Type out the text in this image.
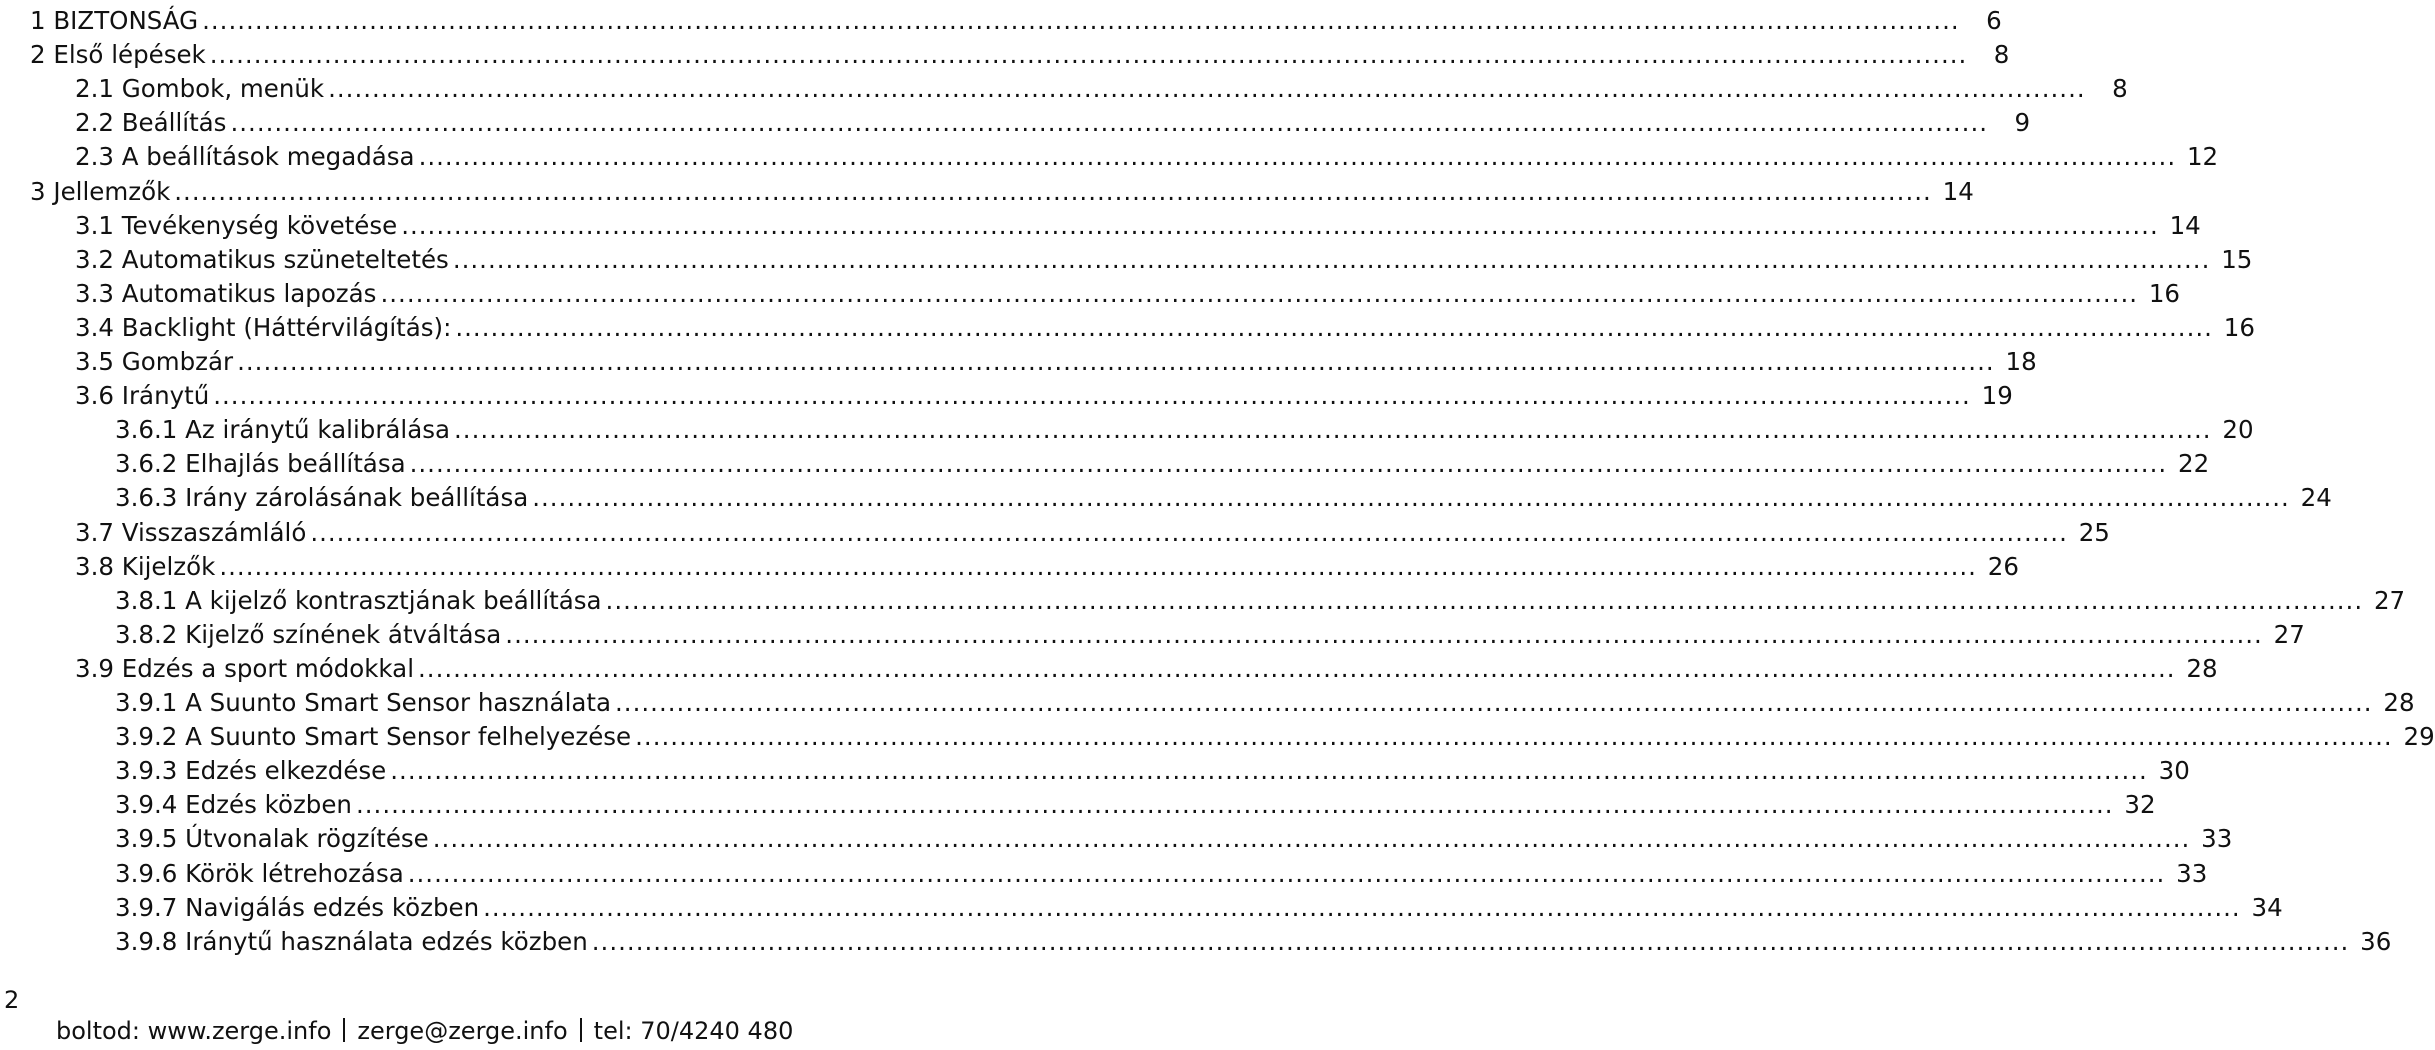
1 BIZTONSÁG ........................................................................................................................................................................................................	6
2 Első lépések ........................................................................................................................................................................................................	8
2.1 Gombok, menük ........................................................................................................................................................................................................	8
2.2 Beállítás ........................................................................................................................................................................................................	9
2.3 A beállítások megadása ........................................................................................................................................................................................................ 12
3 Jellemzők ........................................................................................................................................................................................................ 14
3.1 Tevékenység követése ........................................................................................................................................................................................................ 14
3.2 Automatikus szüneteltetés ........................................................................................................................................................................................................ 15
3.3 Automatikus lapozás ........................................................................................................................................................................................................ 16
3.4 Backlight (Háttérvilágítás): ........................................................................................................................................................................................................ 16
3.5 Gombzár ........................................................................................................................................................................................................ 18
3.6 Iránytű ........................................................................................................................................................................................................ 19
3.6.1 Az iránytű kalibrálása ........................................................................................................................................................................................................ 20
3.6.2 Elhajlás beállítása ........................................................................................................................................................................................................ 22
3.6.3 Irány zárolásának beállítása ........................................................................................................................................................................................................ 24
3.7 Visszaszámláló ........................................................................................................................................................................................................ 25
3.8 Kijelzők ........................................................................................................................................................................................................ 26
3.8.1 A kijelző kontrasztjának beállítása ........................................................................................................................................................................................................ 27
3.8.2 Kijelző színének átváltása ........................................................................................................................................................................................................ 27
3.9 Edzés a sport módokkal ........................................................................................................................................................................................................ 28
3.9.1 A Suunto Smart Sensor használata ........................................................................................................................................................................................................ 28
3.9.2 A Suunto Smart Sensor felhelyezése ........................................................................................................................................................................................................ 29
3.9.3 Edzés elkezdése ........................................................................................................................................................................................................ 30
3.9.4 Edzés közben ........................................................................................................................................................................................................ 32
3.9.5 Útvonalak rögzítése ........................................................................................................................................................................................................ 33
3.9.6 Körök létrehozása ........................................................................................................................................................................................................ 33
3.9.7 Navigálás edzés közben ........................................................................................................................................................................................................ 34
3.9.8 Iránytű használata edzés közben ........................................................................................................................................................................................................ 36
2
boltod: www.zerge.info zerge@zerge.info tel: 70/4240 480
